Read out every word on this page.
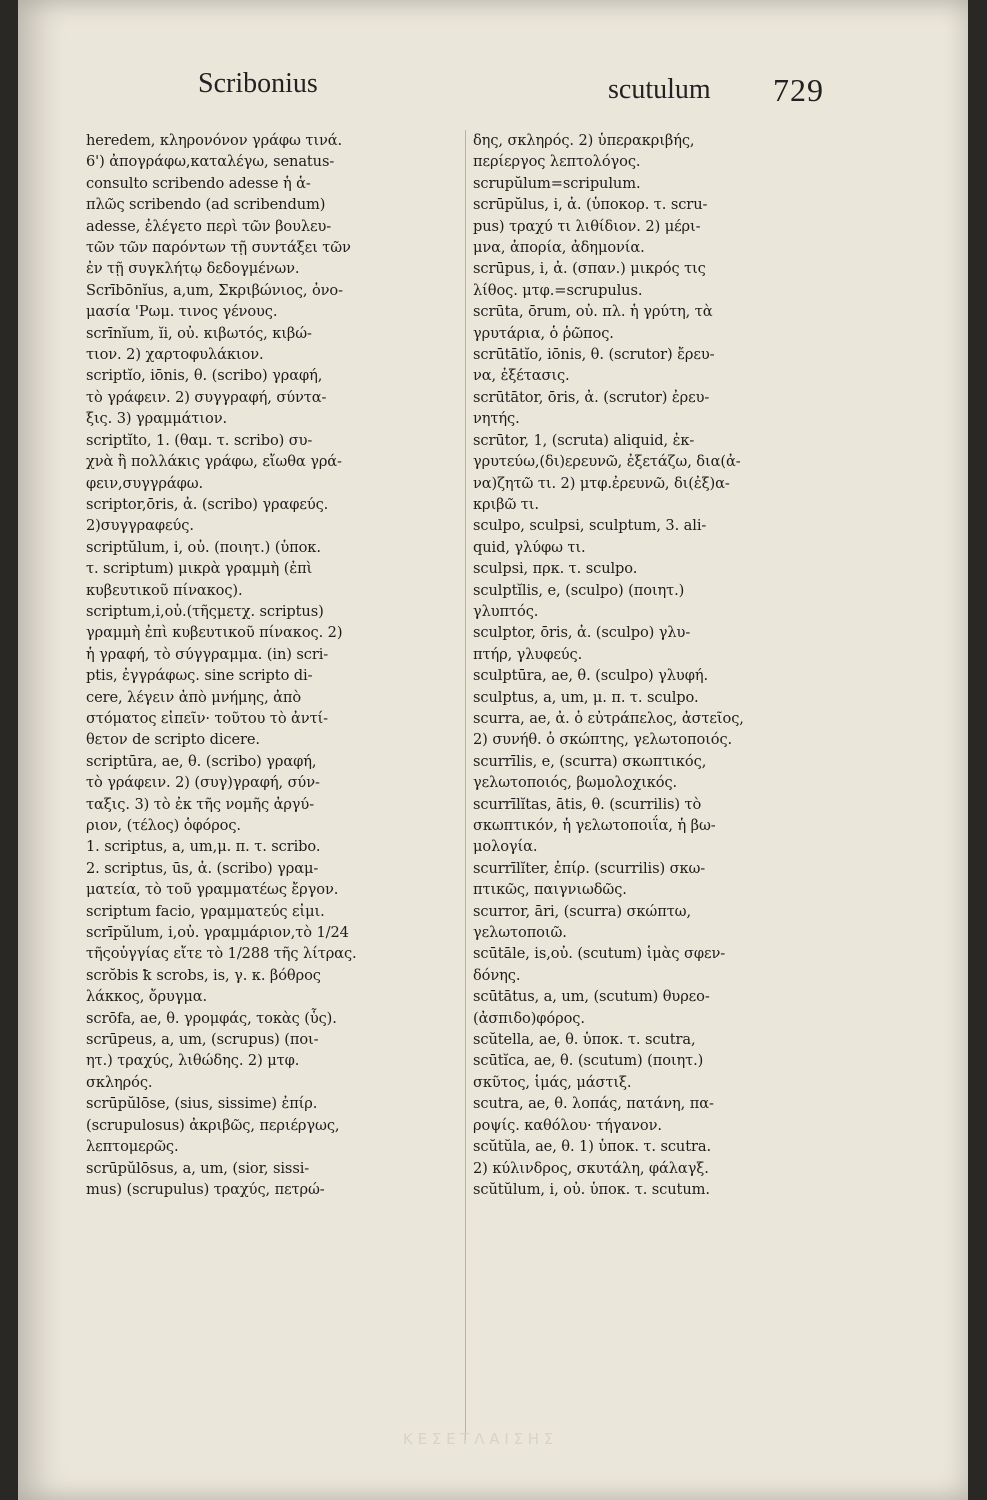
Scribonius	scutulum 729
heredem, κληρονόνον γράφω τινά.
6') ἀπογράφω,καταλέγω, senatus-
consulto scribendo adesse ἡ ἁ-
πλῶς scribendo (ad scribendum)
adesse, ἐλέγετο περὶ τῶν βουλευ-
τῶν τῶν παρόντων τῇ συντάξει τῶν
ἐν τῇ συγκλήτῳ δεδογμένων.
Scrībōnĭus, a,um, Σκριβώνιος, ὀνο-
μασία 'Ρωμ. τινος γένους.
scrīnĭum, ĭi, οὐ. κιβωτός, κιβώ-
τιον. 2) χαρτοφυλάκιον.
scriptĭo, iōnis, θ. (scribo) γραφή,
τὸ γράφειν. 2) συγγραφή, σύντα-
ξις. 3) γραμμάτιον.
scriptĭto, 1. (θαμ. τ. scribo) συ-
χνὰ ἢ πολλάκις γράφω, εἴωθα γρά-
φειν,συγγράφω.
scriptor,ōris, ἀ. (scribo) γραφεύς.
2)συγγραφεύς.
scriptŭlum, i, οὐ. (ποιητ.) (ὑποκ.
τ. scriptum) μικρὰ γραμμὴ (ἐπὶ
κυβευτικοῦ πίνακος).
scriptum,i,οὐ.(τῆςμετχ. scriptus)
γραμμὴ ἐπὶ κυβευτικοῦ πίνακος. 2)
ἡ γραφή, τὸ σύγγραμμα. (in) scri-
ptis, ἐγγράφως. sine scripto di-
cere, λέγειν ἀπὸ μνήμης, ἀπὸ
στόματος εἰπεῖν· τοῦτου τὸ ἀντί-
θετον de scripto dicere.
scriptūra, ae, θ. (scribo) γραφή,
τὸ γράφειν. 2) (συγ)γραφή, σύν-
ταξις. 3) τὸ ἐκ τῆς νομῆς ἀργύ-
ριον, (τέλος) ὁφόρος.
1. scriptus, a, um,μ. π. τ. scribo.
2. scriptus, ūs, ἀ. (scribo) γραμ-
ματεία, τὸ τοῦ γραμματέως ἔργον.
scriptum facio, γραμματεύς εἰμι.
scrīpŭlum, i,οὐ. γραμμάριον,τὸ 1/24
τῆςοὐγγίας εἴτε τὸ 1/288 τῆς λίτρας.
scrŏbis ꝁ scrobs, is, γ. κ. βόθρος
λάκκος, ὄρυγμα.
scrōfa, ae, θ. γρομφάς, τοκὰς (ὗς).
scrūpeus, a, um, (scrupus) (ποι-
ητ.) τραχύς, λιθώδης. 2) μτφ.
σκληρός.
scrūpŭlōse, (sius, sissime) ἐπίρ.
(scrupulosus) ἀκριβῶς, περιέργως,
λεπτομερῶς.
scrūpŭlōsus, a, um, (sior, sissi-
mus) (scrupulus) τραχύς, πετρώ-
δης, σκληρός. 2) ὑπερακριβής,
περίεργος λεπτολόγος.
scrupŭlum=scripulum.
scrūpŭlus, i, ἀ. (ὑποκορ. τ. scru-
pus) τραχύ τι λιθίδιον. 2) μέρι-
μνα, ἀπορία, ἀδημονία.
scrūpus, i, ἀ. (σπαν.) μικρός τις
λίθος. μτφ.=scrupulus.
scrūta, ōrum, οὐ. πλ. ἡ γρύτη, τὰ
γρυτάρια, ὁ ῥῶπος.
scrūtātĭo, iōnis, θ. (scrutor) ἔρευ-
να, ἐξέτασις.
scrūtātor, ōris, ἀ. (scrutor) ἐρευ-
νητής.
scrūtor, 1, (scruta) aliquid, ἐκ-
γρυτεύω,(δι)ερευνῶ, ἐξετάζω, δια(ἀ-
να)ζητῶ τι. 2) μτφ.ἐρευνῶ, δι(ἐξ)α-
κριβῶ τι.
sculpo, sculpsi, sculptum, 3. ali-
quid, γλύφω τι.
sculpsi, πρκ. τ. sculpo.
sculptĭlis, e, (sculpo) (ποιητ.)
γλυπτός.
sculptor, ōris, ἀ. (sculpo) γλυ-
πτήρ, γλυφεύς.
sculptūra, ae, θ. (sculpo) γλυφή.
sculptus, a, um, μ. π. τ. sculpo.
scurra, ae, ἀ. ὁ εὐτράπελος, ἀστεῖος,
2) συνήθ. ὁ σκώπτης, γελωτοποιός.
scurrīlis, e, (scurra) σκωπτικός,
γελωτοποιός, βωμολοχικός.
scurrīlĭtas, ātis, θ. (scurrilis) τὸ
σκωπτικόν, ἡ γελωτοποιΐα, ἡ βω-
μολογία.
scurrīlĭter, ἐπίρ. (scurrilis) σκω-
πτικῶς, παιγνιωδῶς.
scurror, āri, (scurra) σκώπτω,
γελωτοποιῶ.
scūtāle, is,οὐ. (scutum) ἱμὰς σφεν-
δόνης.
scūtātus, a, um, (scutum) θυρεο-
(ἀσπιδο)φόρος.
scŭtella, ae, θ. ὑποκ. τ. scutra,
scūtĭca, ae, θ. (scutum) (ποιητ.)
σκῦτος, ἱμάς, μάστιξ.
scutra, ae, θ. λοπάς, πατάνη, πα-
ροψίς. καθόλου· τήγανον.
scŭtŭla, ae, θ. 1) ὑποκ. τ. scutra.
2) κύλινδρος, σκυτάλη, φάλαγξ.
scŭtŭlum, i, οὐ. ὑποκ. τ. scutum.
Κ Ε Σ Ε Τ Λ Α Ι Σ Η Σ
